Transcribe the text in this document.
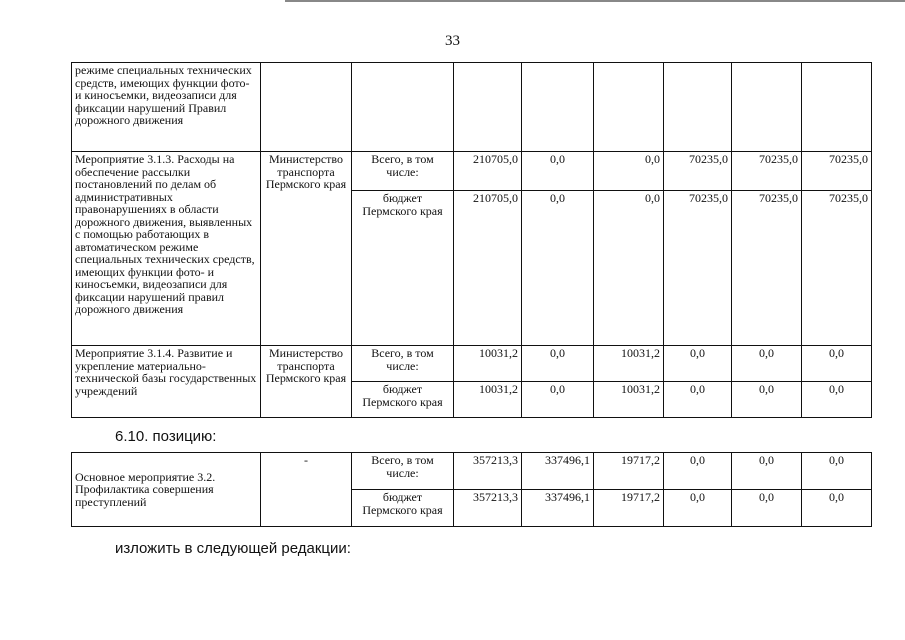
33
режиме специальных технических средств, имеющих функции фото- и киносъемки, видеозаписи для фиксации нарушений Правил дорожного движения								
Мероприятие 3.1.3. Расходы на обеспечение рассылки постановлений по делам об административных правонарушениях в области дорожного движения, выявленных с помощью работающих в автоматическом режиме специальных технических средств, имеющих функции фото- и киносъемки, видеозаписи для фиксации нарушений правил дорожного движения	Министерство транспорта Пермского края	Всего, в том числе:	210705,0	0,0	0,0	70235,0	70235,0	70235,0
		бюджет Пермского края	210705,0	0,0	0,0	70235,0	70235,0	70235,0
Мероприятие 3.1.4. Развитие и укрепление материально-технической базы государственных учреждений	Министерство транспорта Пермского края	Всего, в том числе:	10031,2	0,0	10031,2	0,0	0,0	0,0
		бюджет Пермского края	10031,2	0,0	10031,2	0,0	0,0	0,0
6.10. позицию:
Основное мероприятие 3.2. Профилактика совершения преступлений	-	Всего, в том числе:	357213,3	337496,1	19717,2	0,0	0,0	0,0
		бюджет Пермского края	357213,3	337496,1	19717,2	0,0	0,0	0,0
изложить в следующей редакции:
